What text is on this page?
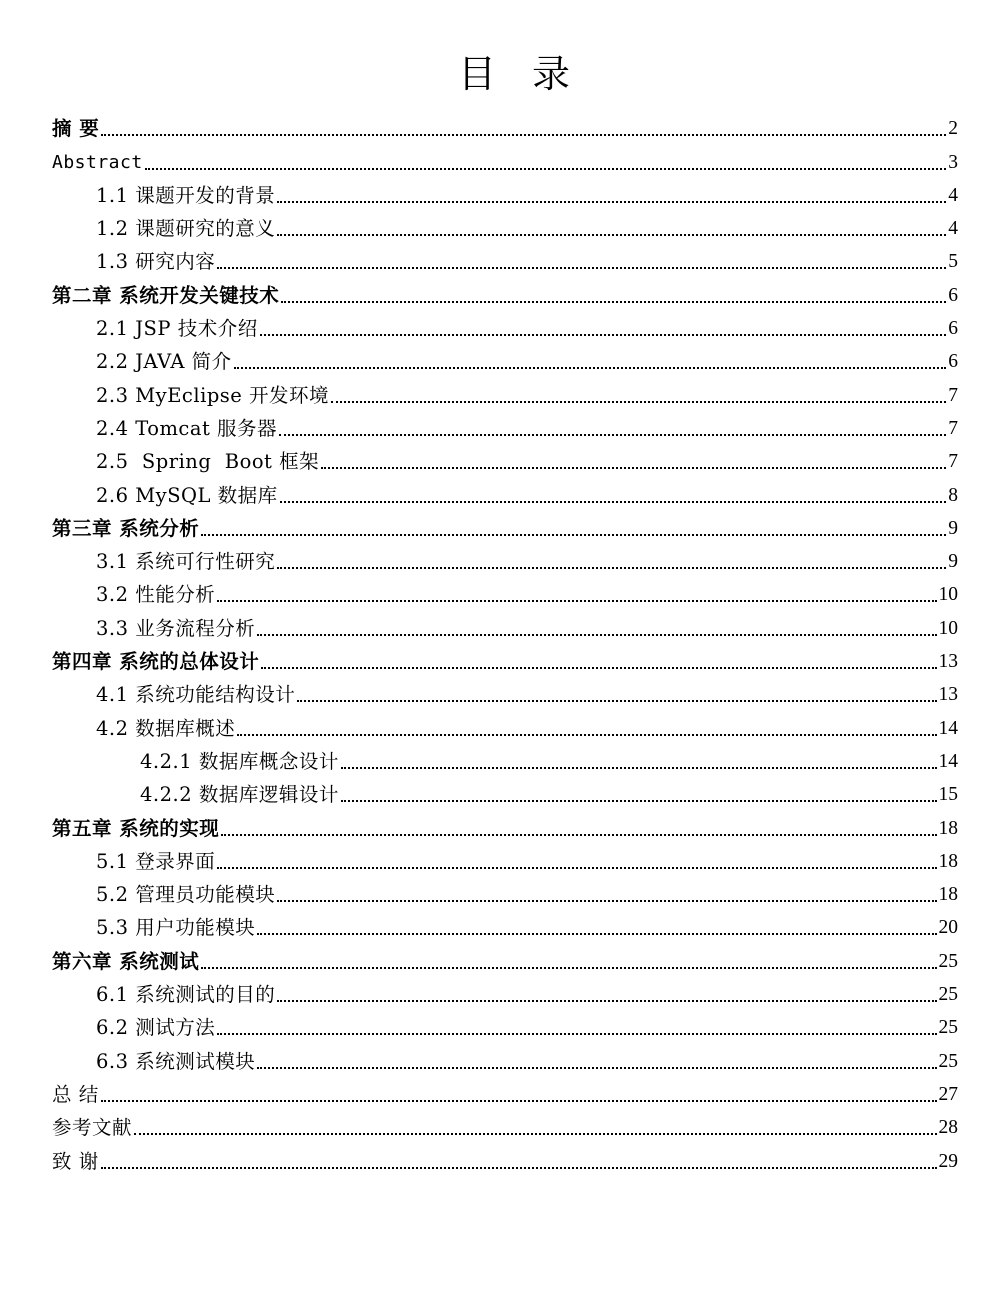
目 录
摘 要	2
Abstract	3
1.1 课题开发的背景	4
1.2 课题研究的意义	4
1.3 研究内容	5
第二章 系统开发关键技术	6
2.1 JSP 技术介绍	6
2.2 JAVA 简介	6
2.3 MyEclipse 开发环境	7
2.4 Tomcat 服务器	7
2.5  Spring  Boot 框架	7
2.6 MySQL 数据库	8
第三章 系统分析	9
3.1 系统可行性研究	9
3.2 性能分析	10
3.3 业务流程分析	10
第四章 系统的总体设计	13
4.1 系统功能结构设计	13
4.2 数据库概述	14
4.2.1 数据库概念设计	14
4.2.2 数据库逻辑设计	15
第五章 系统的实现	18
5.1 登录界面	18
5.2 管理员功能模块	18
5.3 用户功能模块	20
第六章 系统测试	25
6.1 系统测试的目的	25
6.2 测试方法	25
6.3 系统测试模块	25
总 结	27
参考文献	28
致 谢	29
